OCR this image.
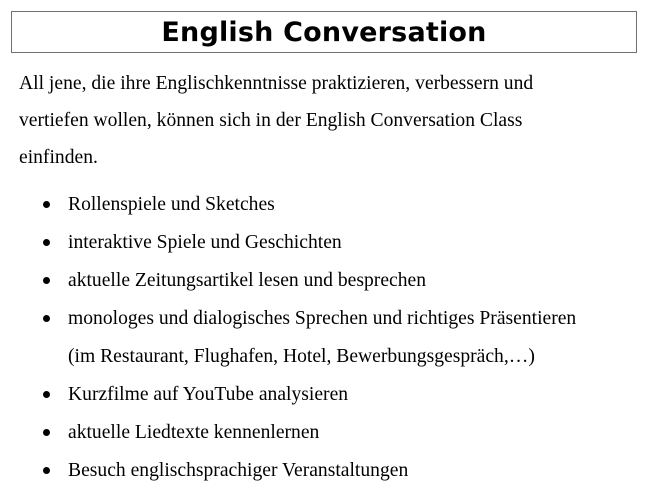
English Conversation

All jene, die ihre Englischkenntnisse praktizieren, verbessern und
vertiefen wollen, können sich in der English Conversation Class
einfinden.

Rollenspiele und Sketches
interaktive Spiele und Geschichten
aktuelle Zeitungsartikel lesen und besprechen
monologes und dialogisches Sprechen und richtiges Präsentieren
(im Restaurant, Flughafen, Hotel, Bewerbungsgespräch,…)
Kurzfilme auf YouTube analysieren
aktuelle Liedtexte kennenlernen
Besuch englischsprachiger Veranstaltungen
